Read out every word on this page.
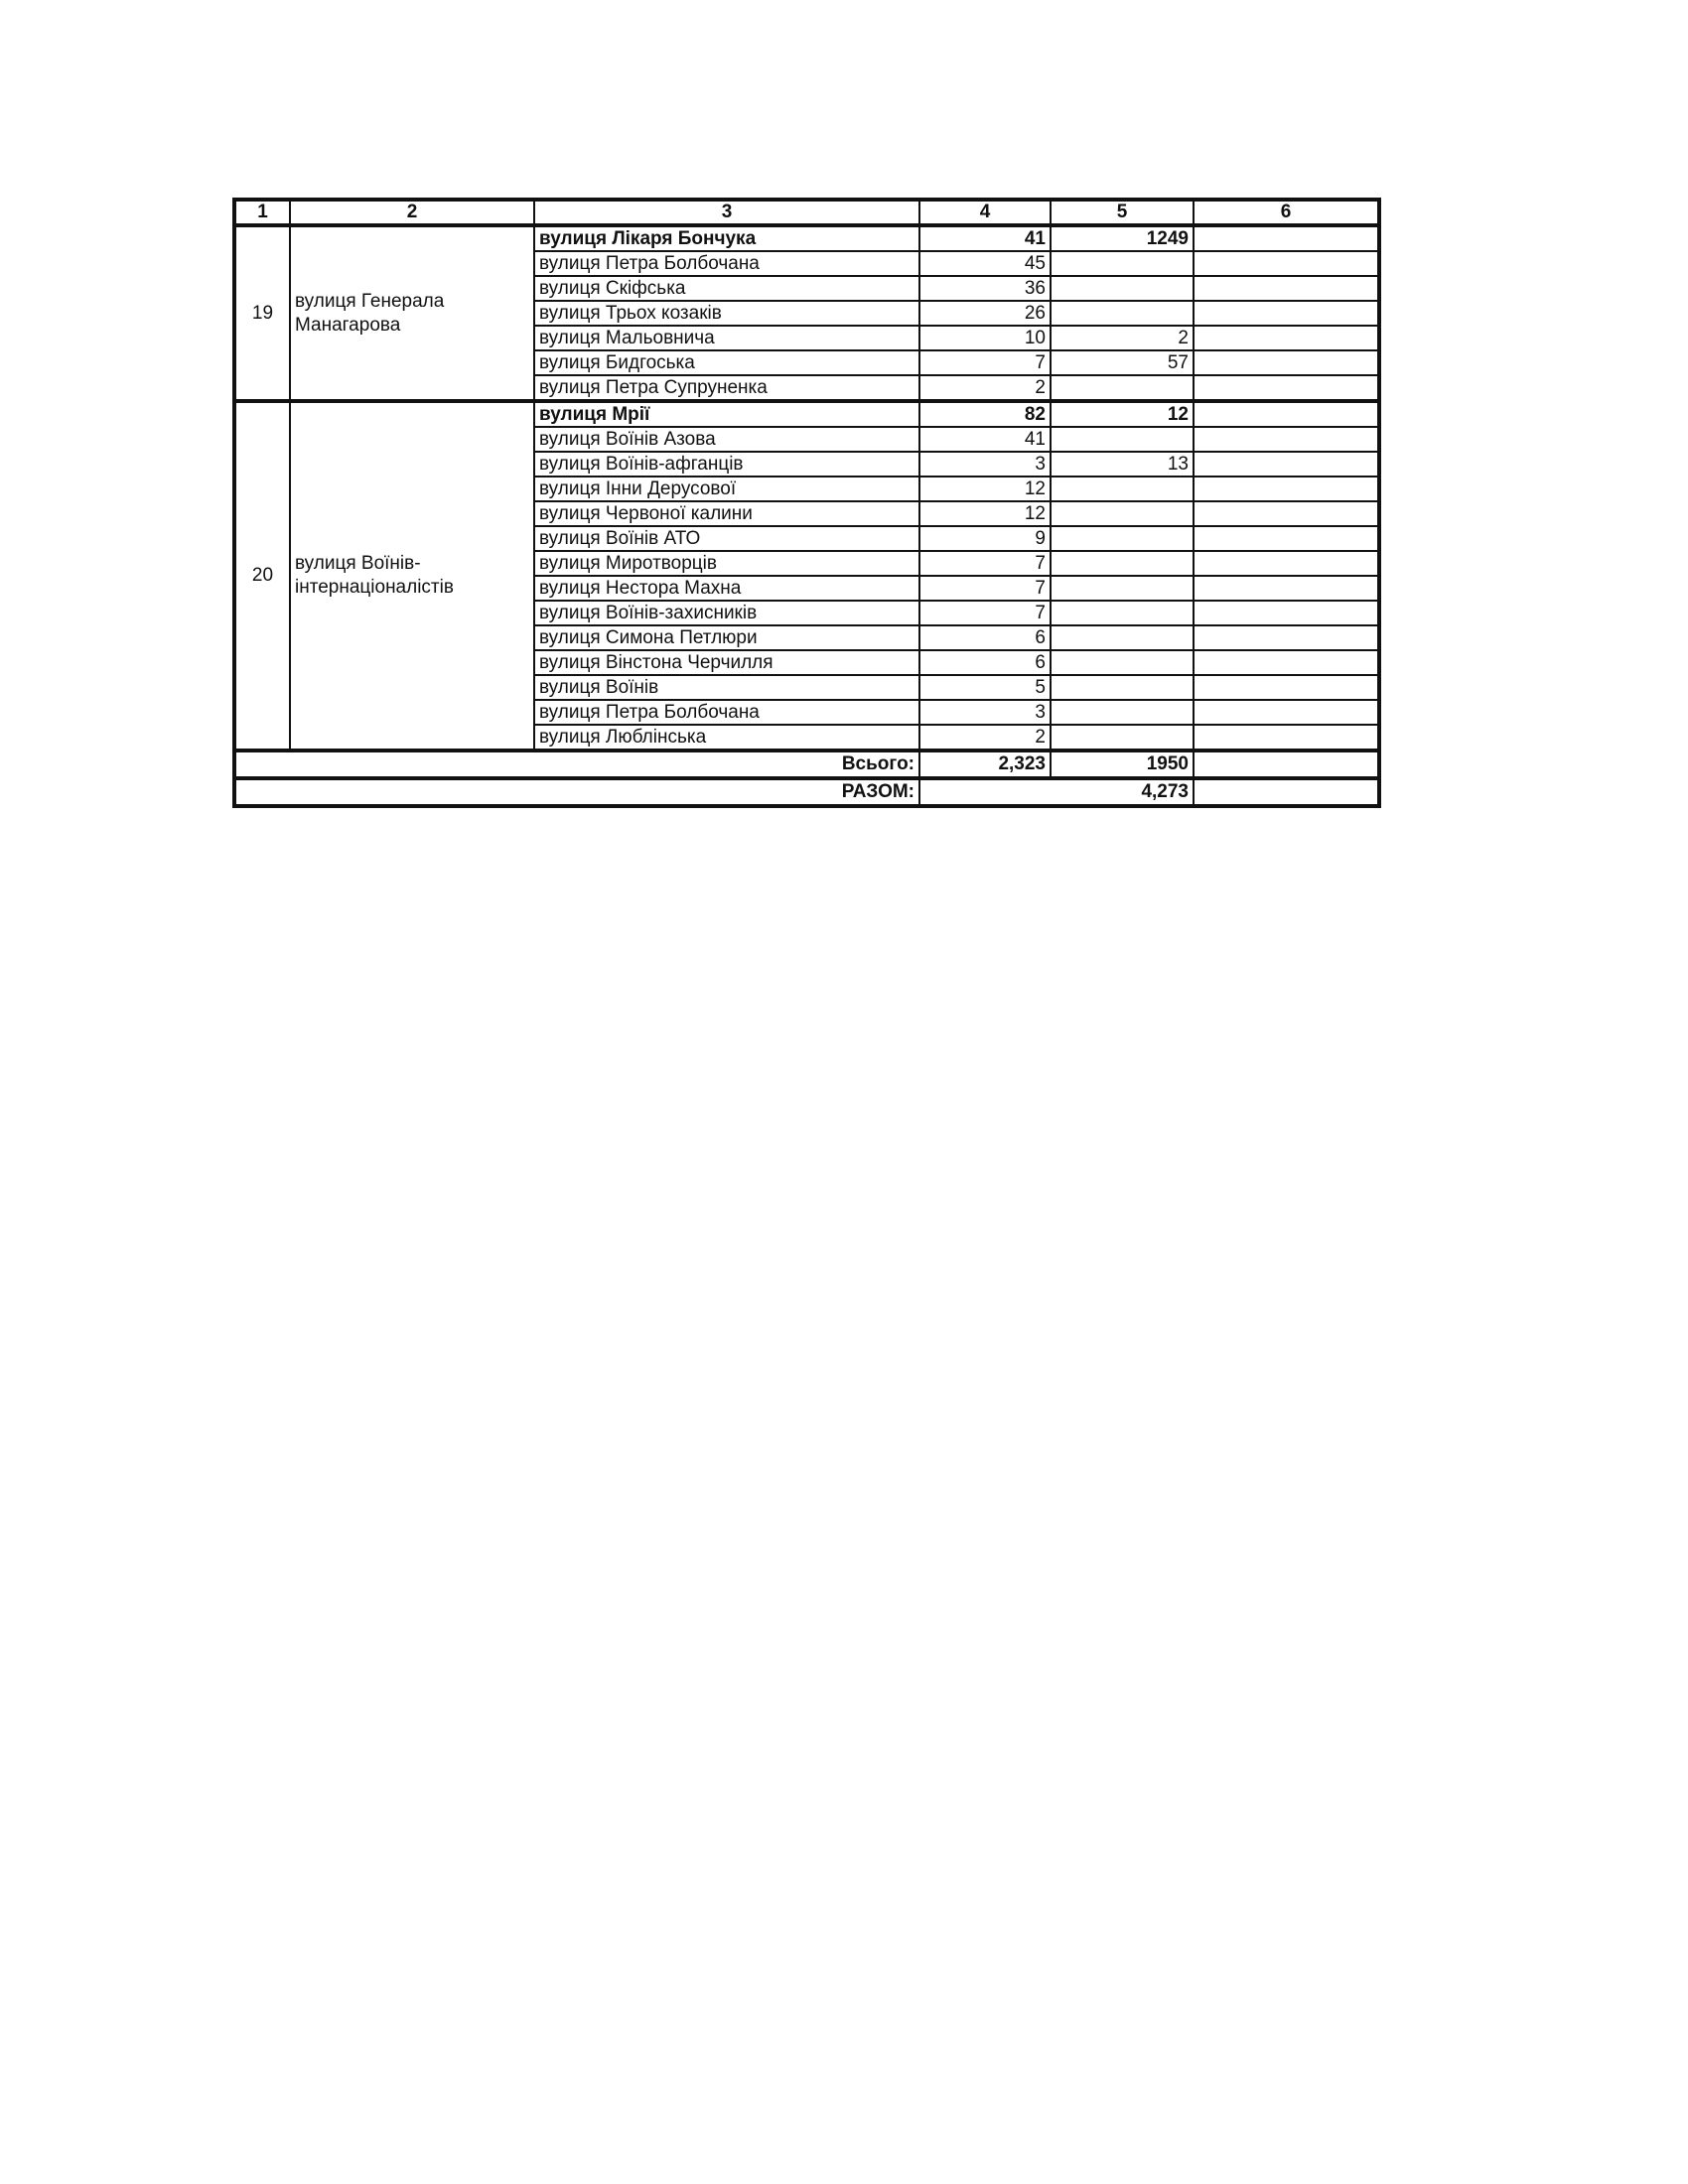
1	2	3	4	5	6
19	вулиця Генерала Манагарова	вулиця Лікаря Бончука	41	1249	
		вулиця Петра Болбочана	45		
		вулиця Скіфська	36		
		вулиця Трьох козаків	26		
		вулиця Мальовнича	10	2	
		вулиця Бидгоська	7	57	
		вулиця Петра Супруненка	2		
20	вулиця Воїнів-інтернаціоналістів	вулиця Мрії	82	12	
		вулиця Воїнів Азова	41		
		вулиця Воїнів-афганців	3	13	
		вулиця Інни Дерусової	12		
		вулиця Червоної калини	12		
		вулиця Воїнів АТО	9		
		вулиця Миротворців	7		
		вулиця Нестора Махна	7		
		вулиця Воїнів-захисників	7		
		вулиця Симона Петлюри	6		
		вулиця Вінстона Черчилля	6		
		вулиця Воїнів	5		
		вулиця Петра Болбочана	3		
		вулиця Люблінська	2		
Всього:			2,323	1950	
РАЗОМ:			4,273		
